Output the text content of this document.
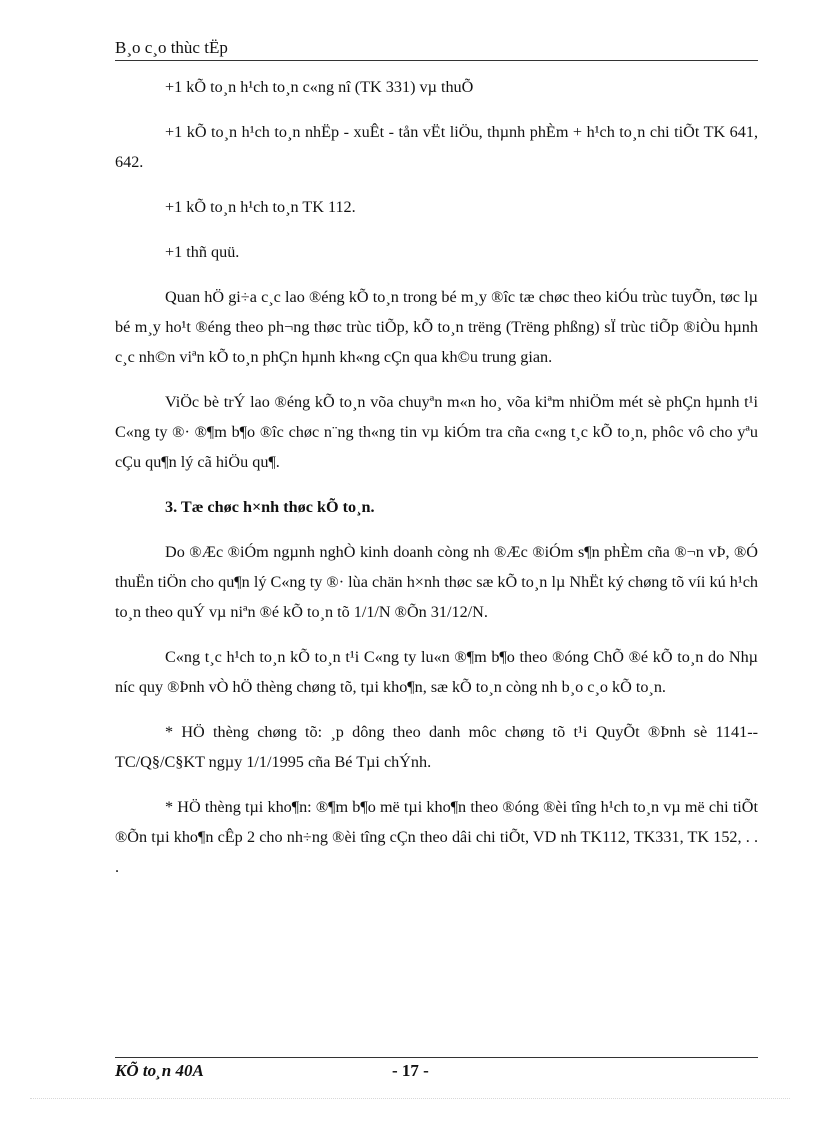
B¸o c¸o thùc tËp

+1 kÕ to¸n h¹ch to¸n c«ng nî (TK 331) vµ thuÕ

+1 kÕ to¸n h¹ch to¸n nhËp - xuÊt - tån vËt liÖu, thµnh phÈm + h¹ch to¸n chi tiÕt TK 641, 642.

+1 kÕ to¸n h¹ch to¸n TK 112.

+1 thñ quü.

Quan hÖ gi÷a c¸c lao ®éng kÕ to¸n trong bé m¸y ®îc tæ chøc theo kiÓu trùc tuyÕn, tøc lµ bé m¸y ho¹t ®éng theo ph¬ng thøc trùc tiÕp, kÕ to¸n trëng (Trëng phßng) sÏ trùc tiÕp ®iÒu hµnh c¸c nh©n viªn kÕ to¸n phÇn hµnh kh«ng cÇn qua kh©u trung gian.

ViÖc bè trÝ lao ®éng kÕ to¸n võa chuyªn m«n ho¸ võa kiªm nhiÖm mét sè phÇn hµnh t¹i C«ng ty ®· ®¶m b¶o ®îc chøc n¨ng th«ng tin vµ kiÓm tra cña c«ng t¸c kÕ to¸n, phôc vô cho yªu cÇu qu¶n lý cã hiÖu qu¶.

3. Tæ chøc h×nh thøc kÕ to¸n.

Do ®Æc ®iÓm ngµnh nghÒ kinh doanh còng nh ®Æc ®iÓm s¶n phÈm cña ®¬n vÞ, ®Ó thuËn tiÖn cho qu¶n lý C«ng ty ®· lùa chän h×nh thøc sæ kÕ to¸n lµ NhËt ký chøng tõ víi kú h¹ch to¸n theo quÝ vµ niªn ®é kÕ to¸n tõ 1/1/N ®Õn 31/12/N.

C«ng t¸c h¹ch to¸n kÕ to¸n t¹i C«ng ty lu«n ®¶m b¶o theo ®óng ChÕ ®é kÕ to¸n do Nhµ níc quy ®Þnh vÒ hÖ thèng chøng tõ, tµi kho¶n, sæ kÕ to¸n còng nh b¸o c¸o kÕ to¸n.

* HÖ thèng chøng tõ: ¸p dông theo danh môc chøng tõ t¹i QuyÕt ®Þnh sè 1141--TC/Q§/C§KT ngµy 1/1/1995 cña Bé Tµi chÝnh.

* HÖ thèng tµi kho¶n: ®¶m b¶o më tµi kho¶n theo ®óng ®èi tîng h¹ch to¸n vµ më chi tiÕt ®Õn tµi kho¶n cÊp 2 cho nh÷ng ®èi tîng cÇn theo dâi chi tiÕt, VD nh TK112, TK331, TK 152, . . .

KÕ to¸n 40A	- 17 -
